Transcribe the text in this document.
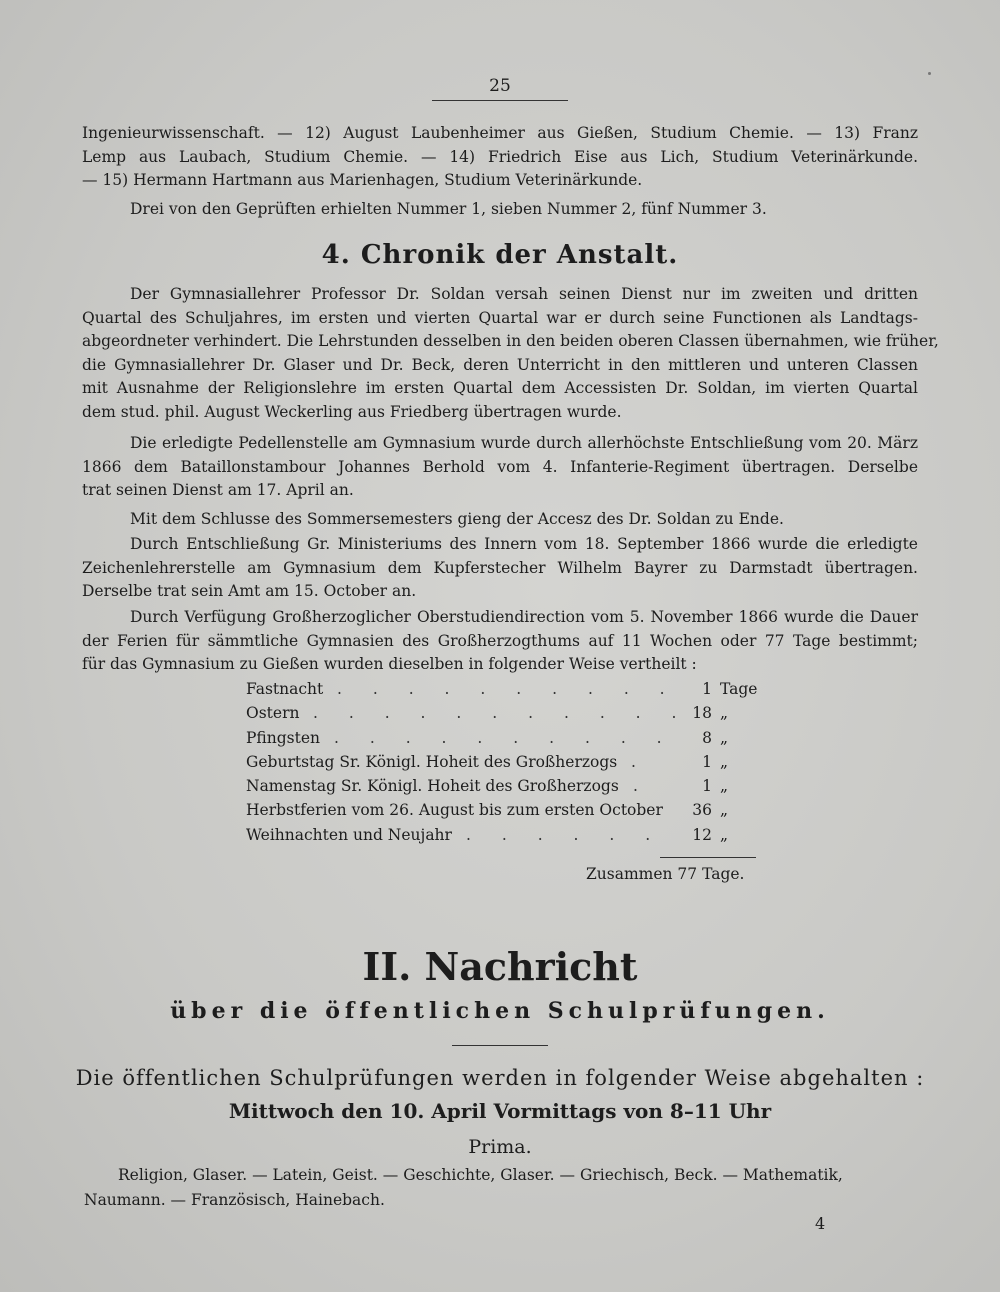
25
Ingenieurwissenschaft. — 12) August Laubenheimer aus Gießen, Studium Chemie. — 13) Franz
Lemp aus Laubach, Studium Chemie. — 14) Friedrich Eise aus Lich, Studium Veterinärkunde.
— 15) Hermann Hartmann aus Marienhagen, Studium Veterinärkunde.
Drei von den Geprüften erhielten Nummer 1, sieben Nummer 2, fünf Nummer 3.
4. Chronik der Anstalt.
Der Gymnasiallehrer Professor Dr. Soldan versah seinen Dienst nur im zweiten und dritten
Quartal des Schuljahres, im ersten und vierten Quartal war er durch seine Functionen als Landtags-
abgeordneter verhindert. Die Lehrstunden desselben in den beiden oberen Classen übernahmen, wie früher,
die Gymnasiallehrer Dr. Glaser und Dr. Beck, deren Unterricht in den mittleren und unteren Classen
mit Ausnahme der Religionslehre im ersten Quartal dem Accessisten Dr. Soldan, im vierten Quartal
dem stud. phil. August Weckerling aus Friedberg übertragen wurde.
Die erledigte Pedellenstelle am Gymnasium wurde durch allerhöchste Entschließung vom 20. März
1866 dem Bataillonstambour Johannes Berhold vom 4. Infanterie-Regiment übertragen. Derselbe
trat seinen Dienst am 17. April an.
Mit dem Schlusse des Sommersemesters gieng der Accesz des Dr. Soldan zu Ende.
Durch Entschließung Gr. Ministeriums des Innern vom 18. September 1866 wurde die erledigte
Zeichenlehrerstelle am Gymnasium dem Kupferstecher Wilhelm Bayrer zu Darmstadt übertragen.
Derselbe trat sein Amt am 15. October an.
Durch Verfügung Großherzoglicher Oberstudiendirection vom 5. November 1866 wurde die Dauer
der Ferien für sämmtliche Gymnasien des Großherzogthums auf 11 Wochen oder 77 Tage bestimmt;
für das Gymnasium zu Gießen wurden dieselben in folgender Weise vertheilt :
. . . . . . . . . .
Fastnacht	1 Tage
. . . . . . . . . . .
Ostern	18 „
. . . . . . . . . .
Pfingsten	8 „
.
Geburtstag Sr. Königl. Hoheit des Großherzogs	1 „
.
Namenstag Sr. Königl. Hoheit des Großherzogs	1 „
Herbstferien vom 26. August bis zum ersten October	36 „
. . . . . .
Weihnachten und Neujahr	12 „
Zusammen 77 Tage.
II. Nachricht
über die öffentlichen Schulprüfungen.
Die öffentlichen Schulprüfungen werden in folgender Weise abgehalten :
Mittwoch den 10. April Vormittags von 8–11 Uhr
Prima.
Religion, Glaser. — Latein, Geist. — Geschichte, Glaser. — Griechisch, Beck. — Mathematik,
Naumann. — Französisch, Hainebach.
4
